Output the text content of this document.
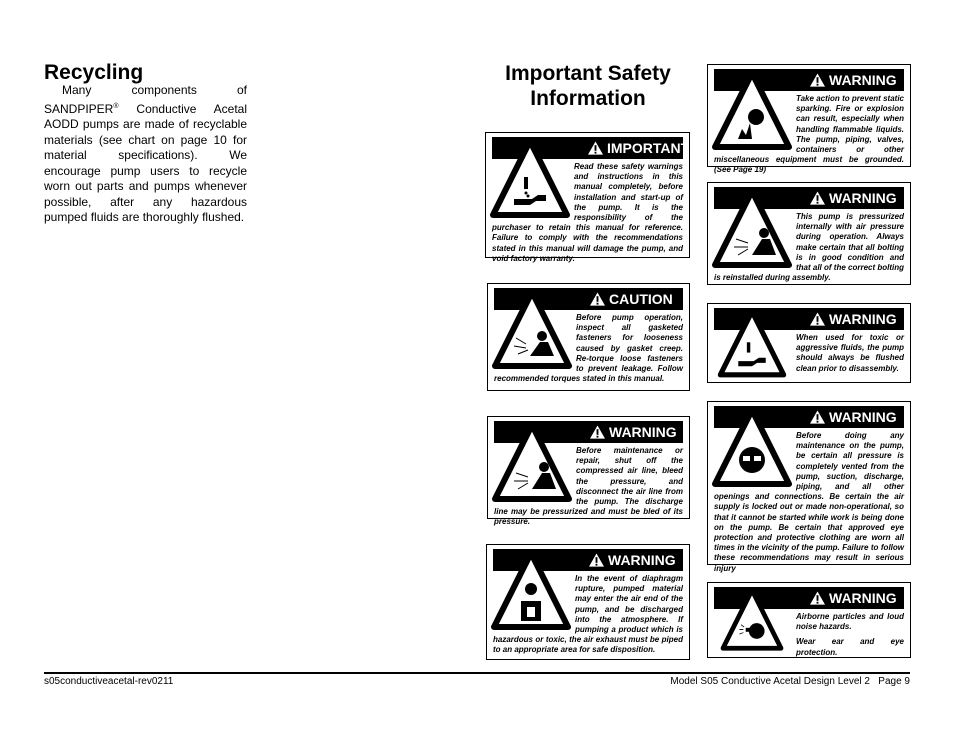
Recycling
Many components of SANDPIPER® Conductive Acetal AODD pumps are made of recyclable materials (see chart on page 10 for material specifications). We encourage pump users to recycle worn out parts and pumps whenever possible, after any hazardous pumped fluids are thoroughly flushed.
Important Safety Information
IMPORTANT

Read these safety warnings and instructions in this manual completely, before installation and start-up of the pump. It is the responsibility of the purchaser to retain this manual for reference. Failure to comply with the recommendations stated in this manual will damage the pump, and void factory warranty.

CAUTION

Before pump operation, inspect all gasketed fasteners for looseness caused by gasket creep. Re-torque loose fasteners to prevent leakage. Follow recommended torques stated in this manual.

WARNING

Before maintenance or repair, shut off the compressed air line, bleed the pressure, and disconnect the air line from the pump. The discharge line may be pressurized and must be bled of its pressure.

WARNING

In the event of diaphragm rupture, pumped material may enter the air end of the pump, and be discharged into the atmosphere. If pumping a product which is hazardous or toxic, the air exhaust must be piped to an appropriate area for safe disposition.

WARNING

Take action to prevent static sparking. Fire or explosion can result, especially when handling flammable liquids. The pump, piping, valves, containers or other miscellaneous equipment must be grounded. (See Page 19)

WARNING

This pump is pressurized internally with air pressure during operation. Always make certain that all bolting is in good condition and that all of the correct bolting is reinstalled during assembly.

WARNING

When used for toxic or aggressive fluids, the pump should always be flushed clean prior to disassembly.

WARNING

Before doing any maintenance on the pump, be certain all pressure is completely vented from the pump, suction, discharge, piping, and all other openings and connections. Be certain the air supply is locked out or made non-operational, so that it cannot be started while work is being done on the pump. Be certain that approved eye protection and protective clothing are worn all times in the vicinity of the pump. Failure to follow these recommendations may result in serious injury

WARNING

Airborne particles and loud noise hazards.

Wear ear and eye protection.

s05conductiveacetal-rev0211	Model S05 Conductive Acetal Design Level 2   Page 9
